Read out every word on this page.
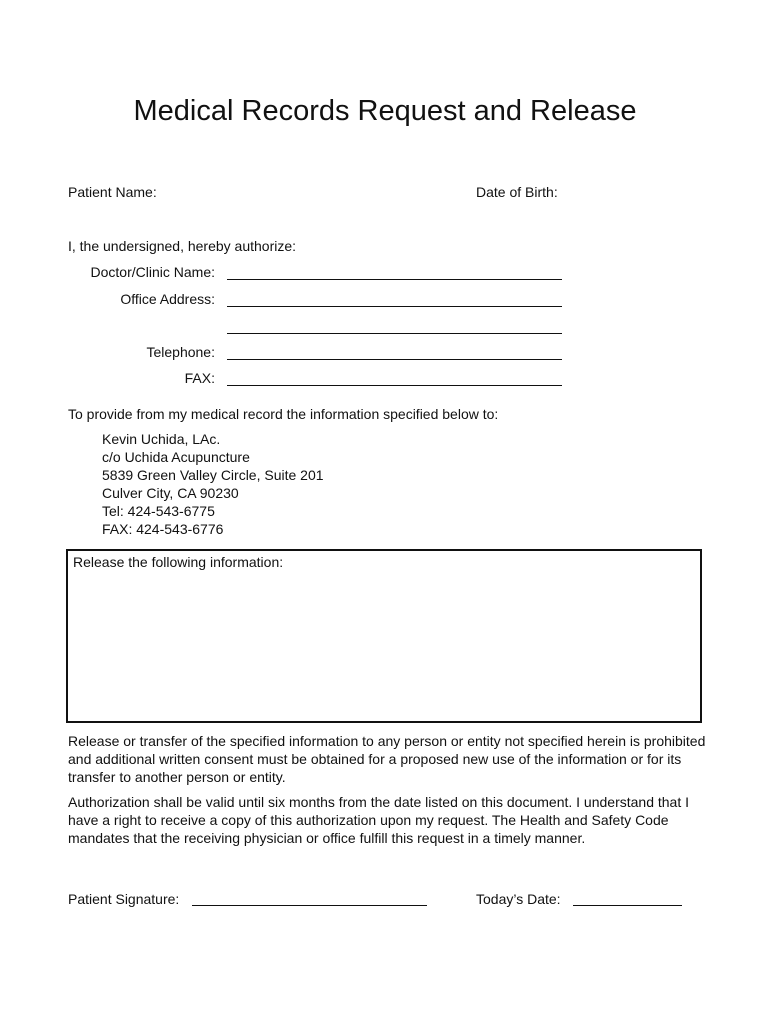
Medical Records Request and Release
Patient Name:	Date of Birth:
I, the undersigned, hereby authorize:
Doctor/Clinic Name:
Office Address:
Telephone:
FAX:
To provide from my medical record the information specified below to:
Kevin Uchida, LAc.
c/o Uchida Acupuncture
5839 Green Valley Circle, Suite 201
Culver City, CA 90230
Tel: 424-543-6775
FAX: 424-543-6776
Release the following information:
Release or transfer of the specified information to any person or entity not specified herein is prohibited and additional written consent must be obtained for a proposed new use of the information or for its transfer to another person or entity.
Authorization shall be valid until six months from the date listed on this document. I understand that I have a right to receive a copy of this authorization upon my request. The Health and Safety Code mandates that the receiving physician or office fulfill this request in a timely manner.
Patient Signature:	Today’s Date:
